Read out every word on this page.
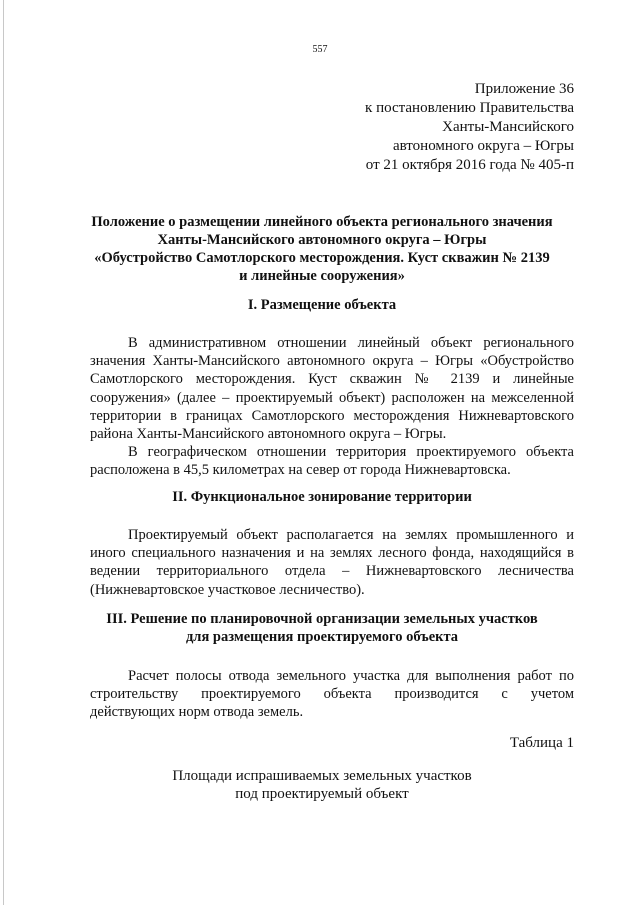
557
Приложение 36
к постановлению Правительства
Ханты-Мансийского
автономного округа – Югры
от 21 октября 2016 года № 405-п
Положение о размещении линейного объекта регионального значения
Ханты-Мансийского автономного округа – Югры
«Обустройство Самотлорского месторождения. Куст скважин № 2139
и линейные сооружения»
I. Размещение объекта
В административном отношении линейный объект регионального
значения Ханты-Мансийского автономного округа – Югры «Обустройство
Самотлорского месторождения. Куст скважин № 2139 и линейные
сооружения» (далее – проектируемый объект) расположен на межселенной
территории в границах Самотлорского месторождения Нижневартовского
района Ханты-Мансийского автономного округа – Югры.
В географическом отношении территория проектируемого объекта
расположена в 45,5 километрах на север от города Нижневартовска.
II. Функциональное зонирование территории
Проектируемый объект располагается на землях промышленного и
иного специального назначения и на землях лесного фонда, находящийся в
ведении территориального отдела – Нижневартовского лесничества
(Нижневартовское участковое лесничество).
III. Решение по планировочной организации земельных участков
для размещения проектируемого объекта
Расчет полосы отвода земельного участка для выполнения работ по
строительству проектируемого объекта производится с учетом
действующих норм отвода земель.
Таблица 1
Площади испрашиваемых земельных участков
под проектируемый объект
